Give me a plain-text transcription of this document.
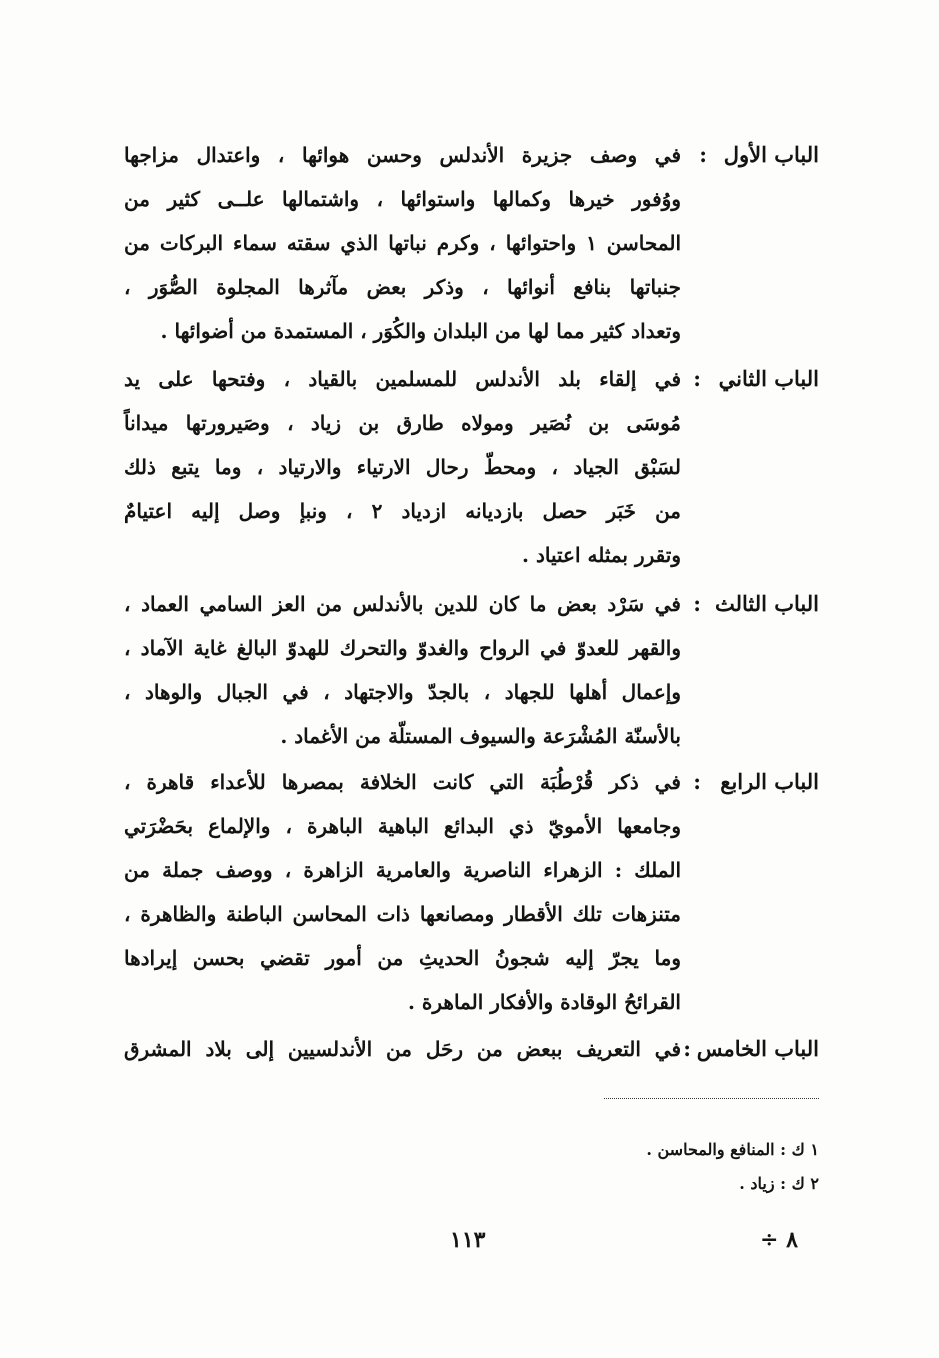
الباب الأول
:
في وصف جزيرة الأندلس وحسن هوائها ، واعتدال مزاجها
ووُفور خيرها وكمالها واستوائها ، واشتمالها علــى كثير من
المحاسن ١ واحتوائها ، وكرم نباتها الذي سقته سماء البركات من
جنباتها بنافع أنوائها ، وذكر بعض مآثرها المجلوة الصُّوَر ،
وتعداد كثير مما لها من البلدان والكُوَر ، المستمدة من أضوائها .
الباب الثاني
:
في إلقاء بلد الأندلس للمسلمين بالقياد ، وفتحها على يد
مُوسَى بن نُصَير ومولاه طارق بن زياد ، وصَيرورتها ميداناً
لسَبْق الجياد ، ومحطّ رحال الارتياء والارتياد ، وما يتبع ذلك
من خَبَر حصل بازديانه ازدياد ٢ ، ونبإ وصل إليه اعتيامٌ
وتقرر بمثله اعتياد .
الباب الثالث
:
في سَرْد بعض ما كان للدين بالأندلس من العز السامي العماد ،
والقهر للعدوّ في الرواح والغدوّ والتحرك للهدوّ البالغ غاية الآماد ،
وإعمال أهلها للجهاد ، بالجدّ والاجتهاد ، في الجبال والوهاد ،
بالأسنّة المُشْرَعة والسيوف المستلّة من الأغماد .
الباب الرابع
:
في ذكر قُرْطُبَة التي كانت الخلافة بمصرها للأعداء قاهرة ،
وجامعها الأمويّ ذي البدائع الباهية الباهرة ، والإلماع بحَضْرَتي
الملك : الزهراء الناصرية والعامرية الزاهرة ، ووصف جملة من
متنزهات تلك الأقطار ومصانعها ذات المحاسن الباطنة والظاهرة ،
وما يجرّ إليه شجونُ الحديثِ من أمور تقضي بحسن إيرادها
القرائحُ الوقادة والأفكار الماهرة .
الباب الخامس
:
في التعريف ببعض من رحَل من الأندلسيين إلى بلاد المشرق
١ ك : المنافع والمحاسن .
٢ ك : زياد .
١١٣	٨ ÷
